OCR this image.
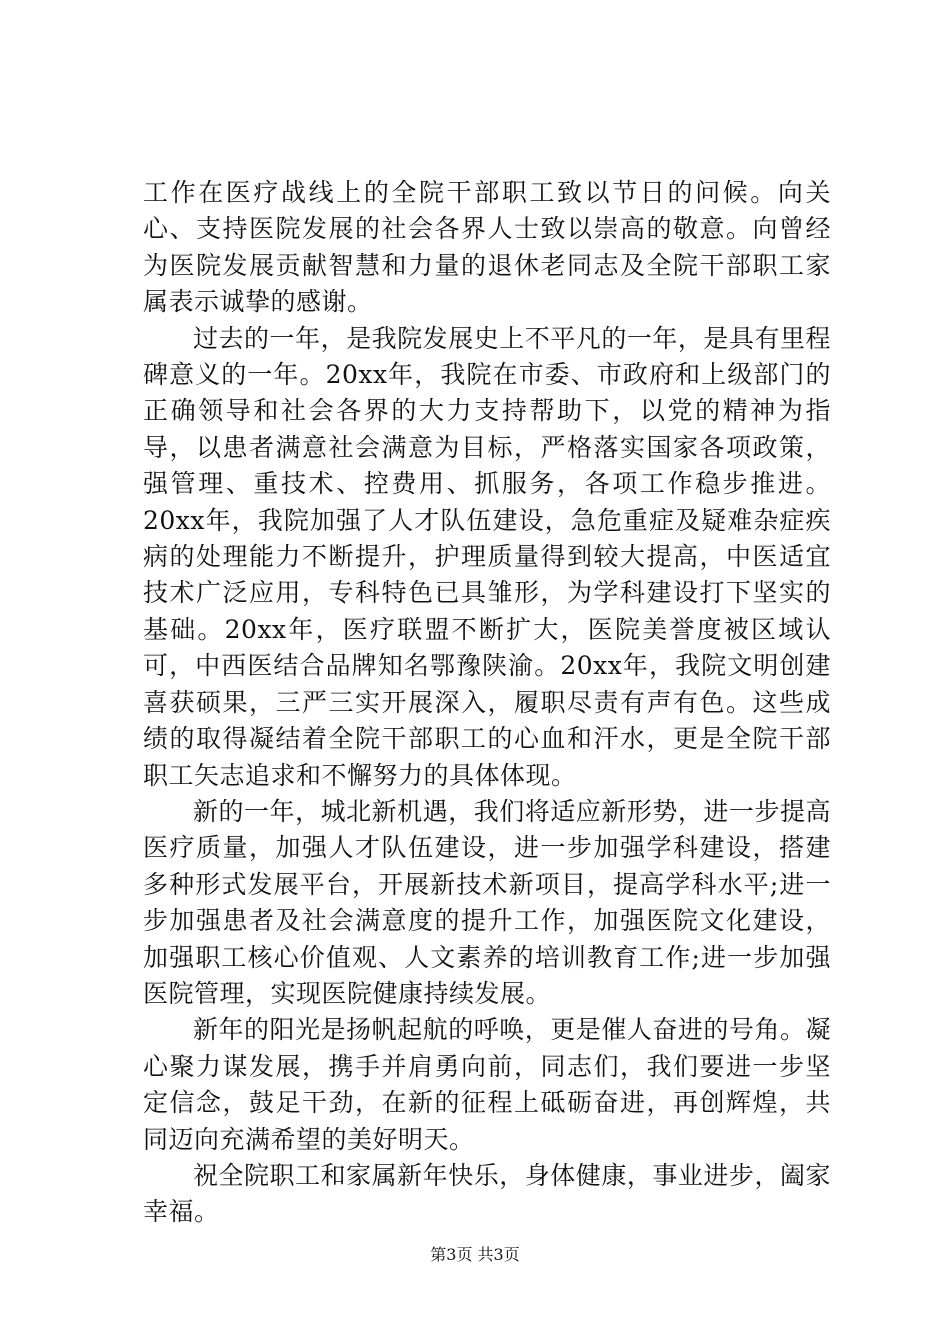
工作在医疗战线上的全院干部职工致以节日的问候。向关心、支持医院发展的社会各界人士致以崇高的敬意。向曾经为医院发展贡献智慧和力量的退休老同志及全院干部职工家属表示诚挚的感谢。

过去的一年，是我院发展史上不平凡的一年，是具有里程碑意义的一年。20xx年，我院在市委、市政府和上级部门的正确领导和社会各界的大力支持帮助下，以党的精神为指导，以患者满意社会满意为目标，严格落实国家各项政策，强管理、重技术、控费用、抓服务，各项工作稳步推进。20xx年，我院加强了人才队伍建设，急危重症及疑难杂症疾病的处理能力不断提升，护理质量得到较大提高，中医适宜技术广泛应用，专科特色已具雏形，为学科建设打下坚实的基础。20xx年，医疗联盟不断扩大，医院美誉度被区域认可，中西医结合品牌知名鄂豫陕渝。20xx年，我院文明创建喜获硕果，三严三实开展深入，履职尽责有声有色。这些成绩的取得凝结着全院干部职工的心血和汗水，更是全院干部职工矢志追求和不懈努力的具体体现。

新的一年，城北新机遇，我们将适应新形势，进一步提高医疗质量，加强人才队伍建设，进一步加强学科建设，搭建多种形式发展平台，开展新技术新项目，提高学科水平;进一步加强患者及社会满意度的提升工作，加强医院文化建设，加强职工核心价值观、人文素养的培训教育工作;进一步加强医院管理，实现医院健康持续发展。

新年的阳光是扬帆起航的呼唤，更是催人奋进的号角。凝心聚力谋发展，携手并肩勇向前，同志们，我们要进一步坚定信念，鼓足干劲，在新的征程上砥砺奋进，再创辉煌，共同迈向充满希望的美好明天。

祝全院职工和家属新年快乐，身体健康，事业进步，阖家幸福。

第3页 共3页
